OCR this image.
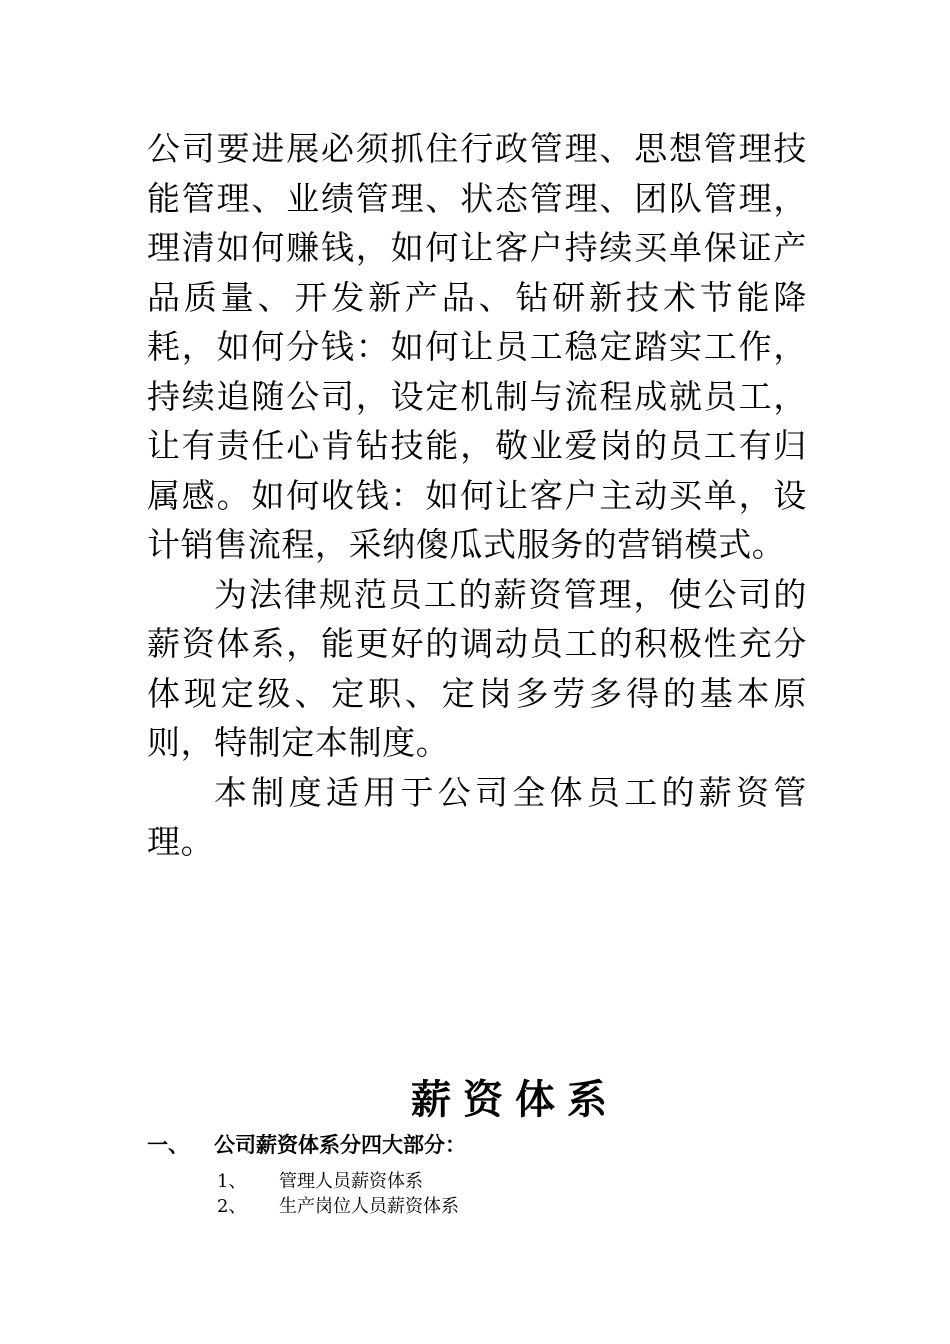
公司要进展必须抓住行政管理、思想管理技能管理、业绩管理、状态管理、团队管理，理清如何赚钱，如何让客户持续买单保证产品质量、开发新产品、钻研新技术节能降耗，如何分钱：如何让员工稳定踏实工作，持续追随公司，设定机制与流程成就员工，让有责任心肯钻技能，敬业爱岗的员工有归属感。如何收钱：如何让客户主动买单，设计销售流程，采纳傻瓜式服务的营销模式。

为法律规范员工的薪资管理，使公司的薪资体系，能更好的调动员工的积极性充分体现定级、定职、定岗多劳多得的基本原则，特制定本制度。

本制度适用于公司全体员工的薪资管理。

薪资体系
一、 公司薪资体系分四大部分：
1、 管理人员薪资体系
2、 生产岗位人员薪资体系
